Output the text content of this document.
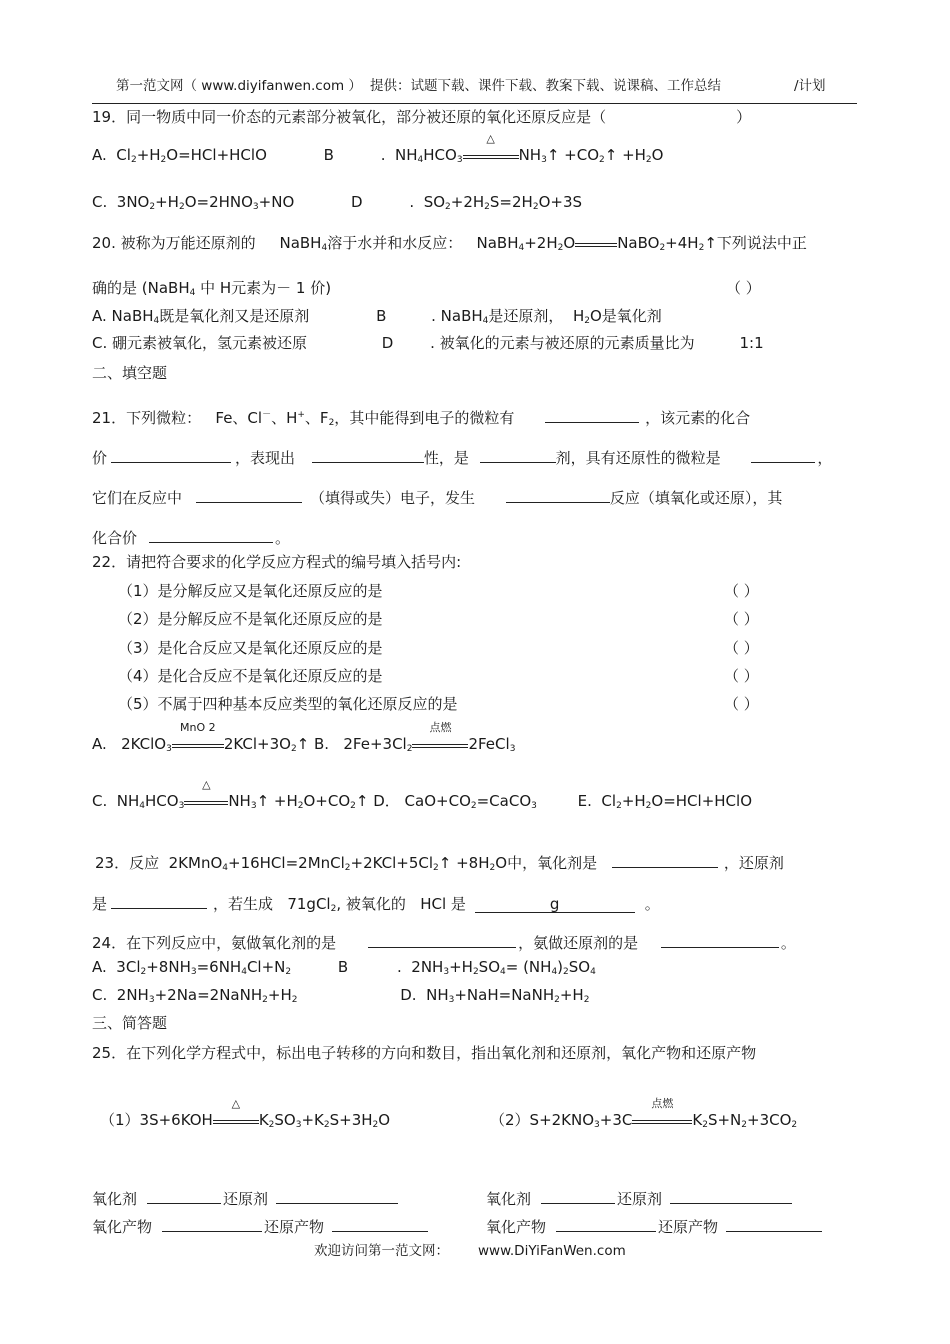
第一范文网（ www.diyifanwen.com ） 提供：试题下载、课件下载、教案下载、说课稿、工作总结	/计划
19．同一物质中同一价态的元素部分被氧化，部分被还原的氧化还原反应是（	）
A.  $Cl_2+H_2O=HCl+HClO$	B	.  $NH_4HCO_3$
△
$NH_3↑$ $+CO_2↑ +H_2O$
C.  $3NO_2+H_2O=2HNO_3+NO$	D	.  $SO_2+2H_2S=2H_2O+3S$
20. 被称为万能还原剂的 NaBH$_4$溶于水并和水反应：   $NaBH_4+2H_2O$	$NaBO_2+4H_2↑$下列说法中正
确的是 (NaBH$_4$ 中 H元素为－ 1 价)	（ ）
A. NaBH$_4$既是氧化剂又是还原剂	B	. NaBH$_4$是还原剂，  $H_2O$是氧化剂
C. 硼元素被氧化，氢元素被还原	D . 被氧化的元素与被还原的元素质量比为	1:1
二、填空题
21．下列微粒：   Fe、Cl－、H+、$F_2$，其中能得到电子的微粒有	，该元素的化合
价	，表现出	性，是	剂，具有还原性的微粒是	，
它们在反应中	（填得或失）电子，发生	反应（填氧化或还原），其
化合价	。
22．请把符合要求的化学反应方程式的编号填入括号内:
（1）是分解反应又是氧化还原反应的是	（ ）
（2）是分解反应不是氧化还原反应的是	（ ）
（3）是化合反应又是氧化还原反应的是	（ ）
（4）是化合反应不是氧化还原反应的是	（ ）
（5）不属于四种基本反应类型的氧化还原反应的是	（ ）
A.   2KClO$_3$
MnO 2
$2KCl+3O_2↑$ B.   $2Fe+3Cl_2$
点燃
2FeCl$_3$
C.  $NH_4HCO_3$
△
$NH_3↑$ $+H_2O+CO_2↑$ D． $CaO+CO_2=CaCO_3$	E.  $Cl_2+H_2O=HCl+HClO$
23．反应  $2KMnO_4+16HCl=2MnCl_2+2KCl+5Cl_2↑ +8H_2O$中，氧化剂是	，还原剂
是	，若生成   71gCl$_2$, 被氧化的 HCl 是	g	。
24．在下列反应中，氨做氧化剂的是	，氨做还原剂的是	。
A.  $3Cl_2+8NH_3=6NH_4Cl+N_2$	B	.  $2NH_3+H_2SO_4= (NH_4)_2SO_4$
C.  $2NH_3+2Na=2NaNH_2+H_2$	D.  $NH_3+NaH=NaNH_2+H_2$
三、简答题
25．在下列化学方程式中，标出电子转移的方向和数目，指出氧化剂和还原剂，氧化产物和还原产物
（1）3S+6KOH
△
$K_2SO_3+K_2S+3H_2O$	$(2)S+2KNO_3+3C$
点燃
$K_2S+N_2+3CO_2$
氧化剂	还原剂	氧化剂	还原剂
氧化产物	还原产物	氧化产物	还原产物
欢迎访问第一范文网： www.DiYiFanWen.com
